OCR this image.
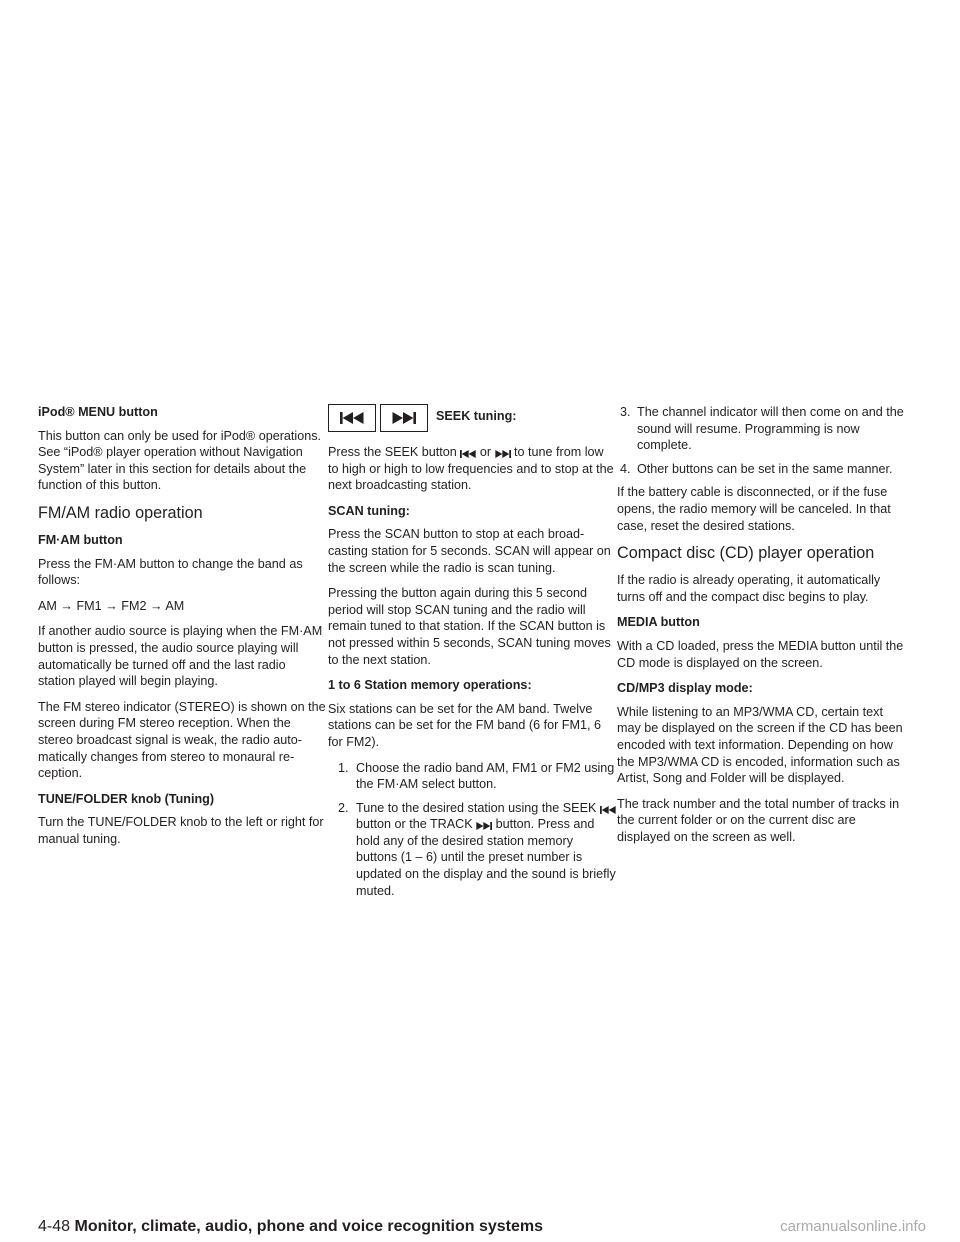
iPod® MENU button

This button can only be used for iPod® operations. See “iPod® player operation without Navigation System” later in this section for details about the function of this button.

FM/AM radio operation
FM·AM button

Press the FM·AM button to change the band as follows:

AM → FM1 → FM2 → AM

If another audio source is playing when the FM·AM button is pressed, the audio source playing will automatically be turned off and the last radio station played will begin playing.

The FM stereo indicator (STEREO) is shown on the screen during FM stereo reception. When the stereo broadcast signal is weak, the radio automatically changes from stereo to monaural reception.

TUNE/FOLDER knob (Tuning)

Turn the TUNE/FOLDER knob to the left or right for manual tuning.

SEEK tuning:

Press the SEEK button or to tune from low to high or high to low frequencies and to stop at the next broadcasting station.

SCAN tuning:

Press the SCAN button to stop at each broadcasting station for 5 seconds. SCAN will appear on the screen while the radio is scan tuning.

Pressing the button again during this 5 second period will stop SCAN tuning and the radio will remain tuned to that station. If the SCAN button is not pressed within 5 seconds, SCAN tuning moves to the next station.

1 to 6 Station memory operations:

Six stations can be set for the AM band. Twelve stations can be set for the FM band (6 for FM1, 6 for FM2).

1. Choose the radio band AM, FM1 or FM2 using the FM·AM select button.
2. Tune to the desired station using the SEEK
button or the TRACK button. Press and hold any of the desired station memory buttons (1 – 6) until the preset number is updated on the display and the sound is briefly muted.
3. The channel indicator will then come on and the sound will resume. Programming is now complete.
4. Other buttons can be set in the same manner.

If the battery cable is disconnected, or if the fuse opens, the radio memory will be canceled. In that case, reset the desired stations.

Compact disc (CD) player operation

If the radio is already operating, it automatically turns off and the compact disc begins to play.

MEDIA button

With a CD loaded, press the MEDIA button until the CD mode is displayed on the screen.

CD/MP3 display mode:

While listening to an MP3/WMA CD, certain text may be displayed on the screen if the CD has been encoded with text information. Depending on how the MP3/WMA CD is encoded, information such as Artist, Song and Folder will be displayed.

The track number and the total number of tracks in the current folder or on the current disc are displayed on the screen as well.

4-48 Monitor, climate, audio, phone and voice recognition systems	carmanualsonline.info
